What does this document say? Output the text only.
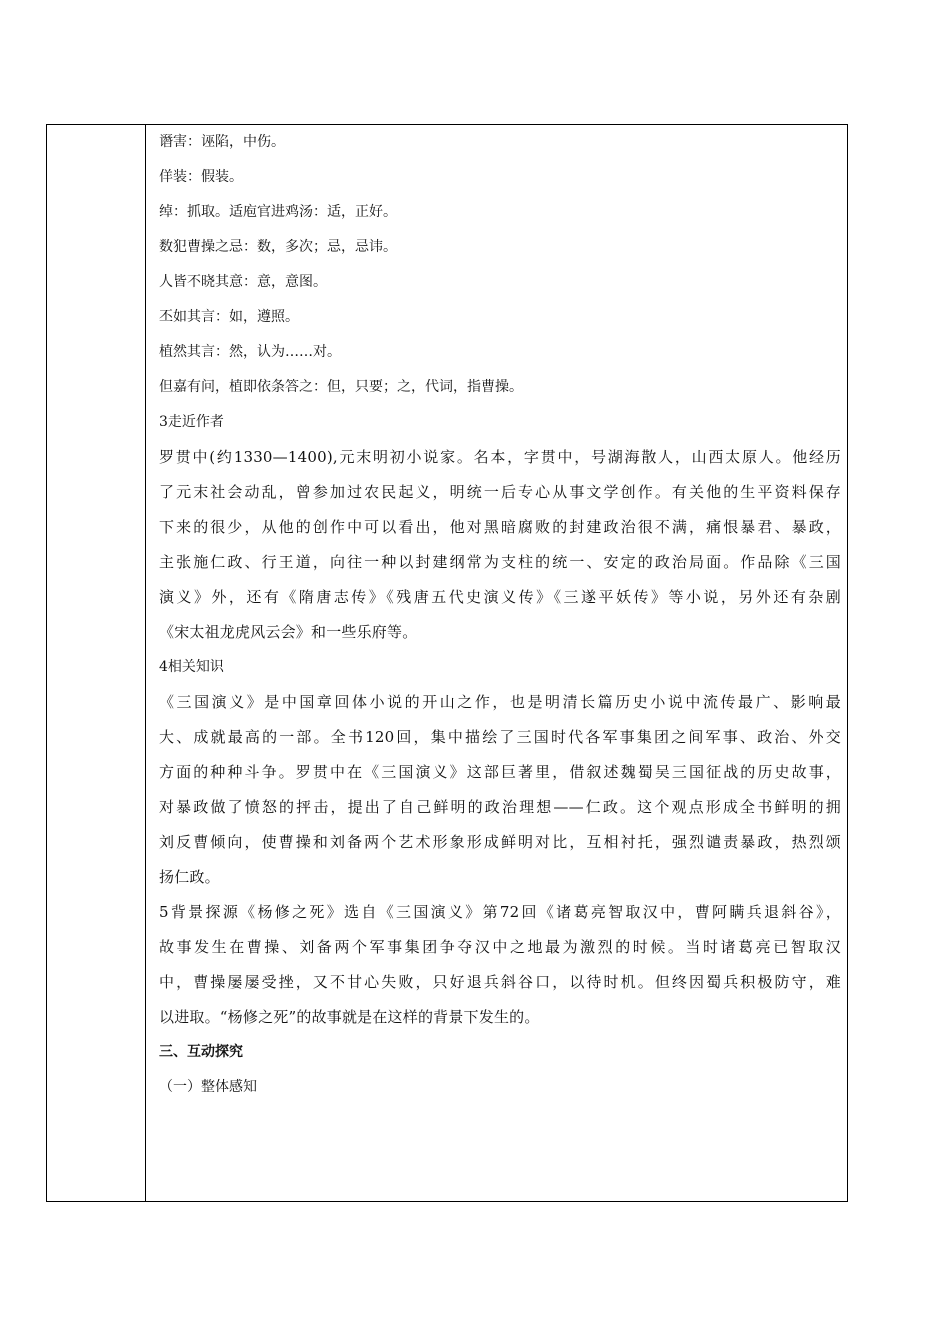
谮害：诬陷，中伤。
佯装：假装。
绰：抓取。适庖官进鸡汤：适，正好。
数犯曹操之忌：数，多次；忌，忌讳。
人皆不晓其意：意，意图。
丕如其言：如，遵照。
植然其言：然，认为……对。
但嘉有问，植即依条答之：但，只要；之，代词，指曹操。
3走近作者
罗贯中(约1330—1400),元末明初小说家。名本，字贯中，号湖海散人，山西太原人。他经历
了元末社会动乱，曾参加过农民起义，明统一后专心从事文学创作。有关他的生平资料保存
下来的很少，从他的创作中可以看出，他对黑暗腐败的封建政治很不满，痛恨暴君、暴政，
主张施仁政、行王道，向往一种以封建纲常为支柱的统一、安定的政治局面。作品除《三国
演义》外，还有《隋唐志传》《残唐五代史演义传》《三遂平妖传》等小说，另外还有杂剧
《宋太祖龙虎风云会》和一些乐府等。
4相关知识
《三国演义》是中国章回体小说的开山之作，也是明清长篇历史小说中流传最广、影响最
大、成就最高的一部。全书120回，集中描绘了三国时代各军事集团之间军事、政治、外交
方面的种种斗争。罗贯中在《三国演义》这部巨著里，借叙述魏蜀吴三国征战的历史故事，
对暴政做了愤怒的抨击，提出了自己鲜明的政治理想——仁政。这个观点形成全书鲜明的拥
刘反曹倾向，使曹操和刘备两个艺术形象形成鲜明对比，互相衬托，强烈谴责暴政，热烈颂
扬仁政。
5背景探源《杨修之死》选自《三国演义》第72回《诸葛亮智取汉中，曹阿瞒兵退斜谷》，
故事发生在曹操、刘备两个军事集团争夺汉中之地最为激烈的时候。当时诸葛亮已智取汉
中，曹操屡屡受挫，又不甘心失败，只好退兵斜谷口，以待时机。但终因蜀兵积极防守，难
以进取。“杨修之死”的故事就是在这样的背景下发生的。
三、互动探究
（一）整体感知
